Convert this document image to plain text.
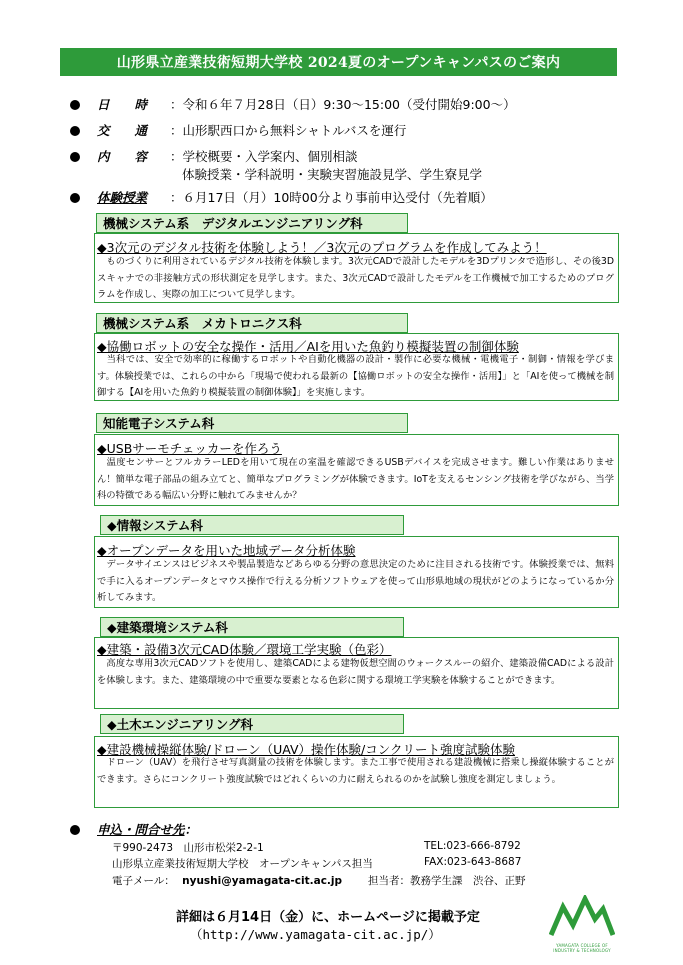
山形県立産業技術短期大学校 2024夏のオープンキャンパスのご案内
日　　時 ：令和６年７月28日（日）9:30～15:00（受付開始9:00～）
交　　通 ：山形駅西口から無料シャトルバスを運行
内　　容 ：学校概要・入学案内、個別相談
体験授業・学科説明・実験実習施設見学、学生寮見学
体験授業 ：６月17日（月）10時00分より事前申込受付（先着順）
◆3次元のデジタル技術を体験しよう！／3次元のプログラムを作成してみよう！
　ものづくりに利用されているデジタル技術を体験します。3次元CADで設計したモデルを3Dプリンタで造形し、その後3Dスキャナでの非接触方式の形状測定を見学します。また、3次元CADで設計したモデルを工作機械で加工するためのプログラムを作成し、実際の加工について見学します。
機械システム系　デジタルエンジニアリング科
◆協働ロボットの安全な操作・活用／AIを用いた魚釣り模擬装置の制御体験
　当科では、安全で効率的に稼働するロボットや自動化機器の設計・製作に必要な機械・電機電子・制御・情報を学びます。体験授業では、これらの中から「現場で使われる最新の【協働ロボットの安全な操作・活用】」と「AIを使って機械を制御する【AIを用いた魚釣り模擬装置の制御体験】」を実施します。
機械システム系　メカトロニクス科
◆USBサーモチェッカーを作ろう
　温度センサーとフルカラーLEDを用いて現在の室温を確認できるUSBデバイスを完成させます。難しい作業はありません！簡単な電子部品の組み立てと、簡単なプログラミングが体験できます。IoTを支えるセンシング技術を学びながら、当学科の特徴である幅広い分野に触れてみませんか？
知能電子システム科
◆オープンデータを用いた地域データ分析体験
　データサイエンスはビジネスや製品製造などあらゆる分野の意思決定のために注目される技術です。体験授業では、無料で手に入るオープンデータとマウス操作で行える分析ソフトウェアを使って山形県地域の現状がどのようになっているか分析してみます。
◆情報システム科
◆建築・設備3次元CAD体験／環境工学実験（色彩）
　高度な専用3次元CADソフトを使用し、建築CADによる建物仮想空間のウォークスルーの紹介、建築設備CADによる設計を体験します。また、建築環境の中で重要な要素となる色彩に関する環境工学実験を体験することができます。
◆建築環境システム科
◆建設機械操縦体験/ドローン（UAV）操作体験/コンクリート強度試験体験
　ドローン（UAV）を飛行させ写真測量の技術を体験します。また工事で使用される建設機械に搭乗し操縦体験することができます。さらにコンクリート強度試験ではどれくらいの力に耐えられるのかを試験し強度を測定しましょう。
◆土木エンジニアリング科
申込・問合せ先：
〒990-2473　山形市松栄2-2-1	TEL:023-666-8792
山形県立産業技術短期大学校　オープンキャンパス担当	FAX:023-643-8687
電子メール： nyushi@yamagata-cit.ac.jp 担当者：教務学生課　渋谷、正野
詳細は６月14日（金）に、ホームページに掲載予定
（http://www.yamagata-cit.ac.jp/）
YAMAGATA COLLEGE OF
INDUSTRY & TECHNOLOGY
